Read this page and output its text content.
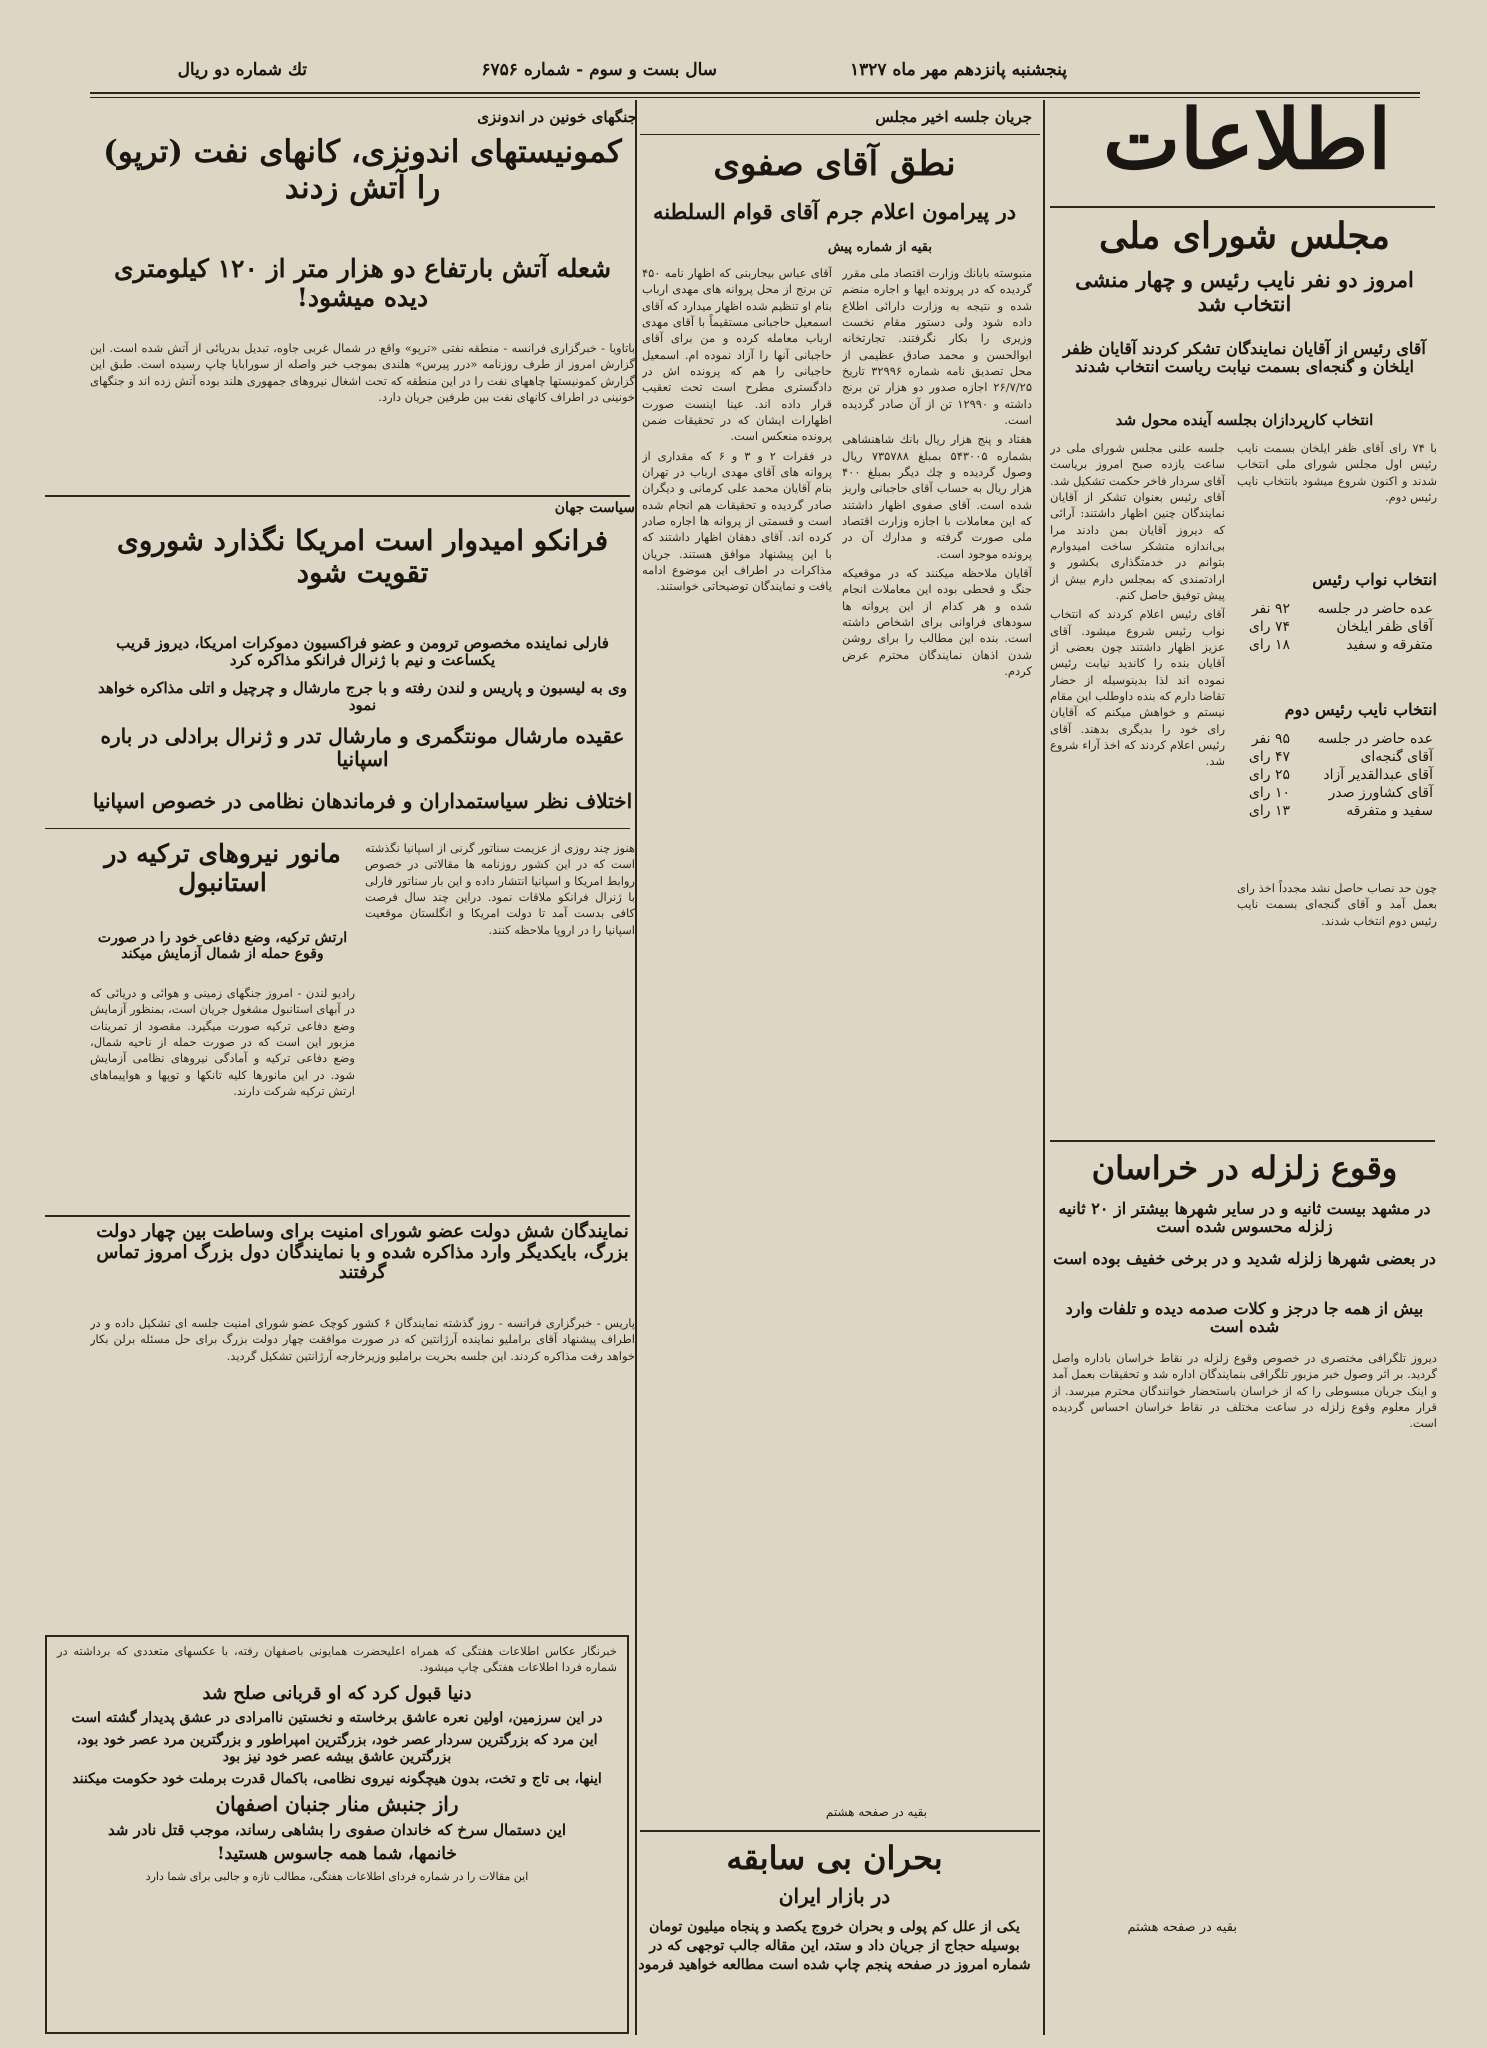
سال بست و سوم - شماره ۶۷۵۶	پنجشنبه پانزدهم مهر ماه ۱۳۲۷
تك شماره دو ريال
اطلاعات
مجلس شورای ملی
امروز دو نفر نایب رئیس و چهار منشی انتخاب شد
آقای رئیس از آقایان نمایندگان تشکر کردند آقایان ظفر ایلخان و گنجه‌ای بسمت نیابت ریاست انتخاب شدند
انتخاب کارپردازان بجلسه آینده محول شد

جلسه علنی مجلس شورای ملی در ساعت یازده صبح امروز بریاست آقای سردار فاخر حکمت تشکیل شد. آقای رئیس بعنوان تشکر از آقایان نمایندگان چنین اظهار داشتند: آرائی که دیروز آقایان بمن دادند مرا بی‌اندازه متشکر ساخت امیدوارم بتوانم در خدمتگذاری بکشور و ارادتمندی که بمجلس دارم بیش از پیش توفیق حاصل کنم.

آقای رئیس اعلام کردند که انتخاب نواب رئیس شروع میشود. آقای عزیز اظهار داشتند چون بعضی از آقایان بنده را کاندید نیابت رئیس نموده اند لذا بدینوسیله از حضار تقاضا دارم که بنده داوطلب این مقام نیستم و خواهش میکنم که آقایان رای خود را بدیگری بدهند. آقای رئیس اعلام کردند که اخذ آراء شروع شد.

با ۷۴ رای آقای ظفر ایلخان بسمت نایب رئیس اول مجلس شورای ملی انتخاب شدند و اکنون شروع میشود بانتخاب نایب رئیس دوم.

انتخاب نواب رئیس
عده حاضر در جلسه	۹۲ نفر
آقای ظفر ایلخان	۷۴ رای
متفرقه و سفید	۱۸ رای
انتخاب نایب رئیس دوم
عده حاضر در جلسه	۹۵ نفر
آقای گنجه‌ای	۴۷ رای
آقای عبدالقدیر آزاد	۲۵ رای
آقای کشاورز صدر	۱۰ رای
سفید و متفرقه	۱۳ رای

چون حد نصاب حاصل نشد مجدداً اخذ رای بعمل آمد و آقای گنجه‌ای بسمت نایب رئیس دوم انتخاب شدند.

وقوع زلزله در خراسان
در مشهد بیست ثانیه و در سایر شهرها بیشتر از ۲۰ ثانیه زلزله محسوس شده است
در بعضی شهرها زلزله شدید و در برخی خفیف بوده است
بیش از همه جا درجز و کلات صدمه دیده و تلفات وارد شده است

دیروز تلگرافی مختصری در خصوص وقوع زلزله در نقاط خراسان باداره واصل گردید. بر اثر وصول خبر مزبور تلگرافی بنمایندگان اداره شد و تحقیقات بعمل آمد و اینک جریان مبسوطی را که از خراسان باستحضار خوانندگان محترم میرسد. از قرار معلوم وقوع زلزله در ساعت مختلف در نقاط خراسان احساس گردیده است.

بقیه در صفحه هشتم
جریان جلسه اخیر مجلس
نطق آقای صفوی
در پیرامون اعلام جرم آقای قوام السلطنه
بقیه از شماره پیش

آقای عباس بیجاربنی که اظهار نامه ۴۵۰ تن برنج از محل پروانه های مهدی ارباب بنام او تنظیم شده اظهار میدارد که آقای اسمعیل حاجبانی مستقیماً با آقای مهدی ارباب معامله کرده و من برای آقای حاجبانی آنها را آزاد نموده ام. اسمعیل حاجبانی را هم که پرونده اش در دادگستری مطرح است تحت تعقیب قرار داده اند. عینا اینست صورت اظهارات ایشان که در تحقیقات ضمن پرونده منعکس است.

در فقرات ۲ و ۳ و ۶ که مقداری از پروانه های آقای مهدی ارباب در تهران بنام آقایان محمد علی کرمانی و دیگران صادر گردیده و تحقیقات هم انجام شده است و قسمتی از پروانه ها اجاره صادر کرده اند. آقای دهقان اظهار داشتند که با این پیشنهاد موافق هستند. جریان مذاکرات در اطراف این موضوع ادامه یافت و نمایندگان توضیحاتی خواستند.

منبوسته بابانك وزارت اقتصاد ملی مقرر گردیده که در پرونده ایها و اجاره منضم شده و نتیجه به وزارت دارائی اطلاع داده شود ولی دستور مقام نخست وزیری را بکار نگرفتند. تجارتخانه ابوالحسن و محمد صادق عظیمی از محل تصدیق نامه شماره ۳۲۹۹۶ تاریخ ۲۶/۷/۲۵ اجازه صدور دو هزار تن برنج داشته و ۱۲۹۹۰ تن از آن صادر گردیده است.

هفتاد و پنج هزار ریال بانك شاهنشاهی بشماره ۵۴۳۰۰۵ بمبلغ ۷۳۵۷۸۸ ریال وصول گردیده و چك دیگر بمبلغ ۴۰۰ هزار ریال به حساب آقای حاجبانی واریز شده است. آقای صفوی اظهار داشتند که این معاملات با اجازه وزارت اقتصاد ملی صورت گرفته و مدارك آن در پرونده موجود است.

آقایان ملاحظه میکنند که در موقعیکه جنگ و قحطی بوده این معاملات انجام شده و هر کدام از این پروانه ها سودهای فراوانی برای اشخاص داشته است. بنده این مطالب را برای روشن شدن اذهان نمایندگان محترم عرض کردم.

بقیه در صفحه هشتم
بحران بی سابقه
در بازار ایران
یکی از علل کم پولی و بحران خروج یکصد و پنجاه میلیون تومان بوسیله حجاج از جریان داد و ستد، این مقاله جالب توجهی که در شماره امروز در صفحه پنجم چاپ شده است مطالعه خواهید فرمود
جنگهای خونین در اندونزی
کمونیستهای اندونزی، کانهای نفت (ترپو) را آتش زدند
شعله آتش بارتفاع دو هزار متر از ۱۲۰ کیلومتری دیده میشود!

باتاویا - خبرگزاری فرانسه - منطقه نفتی «ترپو» واقع در شمال غربی جاوه، تبدیل بدریائی از آتش شده است. این گزارش امروز از طرف روزنامه «درر پیرس» هلندی بموجب خبر واصله از سورابایا چاپ رسیده است. طبق این گزارش کمونیستها چاههای نفت را در این منطقه که تحت اشغال نیروهای جمهوری هلند بوده آتش زده اند و جنگهای خونینی در اطراف کانهای نفت بین طرفین جریان دارد.

سیاست جهان
فرانکو امیدوار است امریکا نگذارد شوروی تقویت شود
فارلی نماینده مخصوص ترومن و عضو فراکسیون دموکرات امریکا، دیروز قریب یکساعت و نیم با ژنرال فرانکو مذاکره کرد
وی به لیسبون و پاریس و لندن رفته و با جرج مارشال و چرچیل و اتلی مذاکره خواهد نمود
عقیده مارشال مونتگمری و مارشال تدر و ژنرال برادلی در باره اسپانیا
اختلاف نظر سیاستمداران و فرماندهان نظامی در خصوص اسپانیا
مانور نیروهای ترکیه در استانبول
ارتش ترکیه، وضع دفاعی خود را در صورت وقوع حمله از شمال آزمایش میکند

رادیو لندن - امروز جنگهای زمینی و هوائی و دریائی که در آبهای استانبول مشغول جریان است، بمنظور آزمایش وضع دفاعی ترکیه صورت میگیرد. مقصود از تمرینات مزبور این است که در صورت حمله از ناحیه شمال، وضع دفاعی ترکیه و آمادگی نیروهای نظامی آزمایش شود. در این مانورها کلیه تانکها و توپها و هواپیماهای ارتش ترکیه شرکت دارند.

هنوز چند روزی از عزیمت سناتور گرنی از اسپانیا نگذشته است که در این کشور روزنامه ها مقالاتی در خصوص روابط امریکا و اسپانیا انتشار داده و این بار سناتور فارلی با ژنرال فرانکو ملاقات نمود. دراین چند سال فرصت کافی بدست آمد تا دولت امریکا و انگلستان موقعیت اسپانیا را در اروپا ملاحظه کنند.

نمایندگان شش دولت عضو شورای امنیت برای وساطت بین چهار دولت بزرگ، بایکدیگر وارد مذاکره شده و با نمایندگان دول بزرگ امروز تماس گرفتند

پاریس - خبرگزاری فرانسه - روز گذشته نمایندگان ۶ کشور کوچک عضو شورای امنیت جلسه ای تشکیل داده و در اطراف پیشنهاد آقای براملیو نماینده آرژانتین که در صورت موافقت چهار دولت بزرگ برای حل مسئله برلن بکار خواهد رفت مذاکره کردند. این جلسه بحریت براملیو وزیرخارجه آرژانتین تشکیل گردید.

خبرنگار عکاس اطلاعات هفتگی که همراه اعلیحضرت همایونی باصفهان رفته، با عکسهای متعددی که برداشته در شماره فردا اطلاعات هفتگی چاپ میشود.
دنیا قبول کرد که او قربانی صلح شد
در این سرزمین، اولین نعره عاشق برخاسته و نخستین ناامرادی در عشق پدیدار گشته است
این مرد که بزرگترین سردار عصر خود، بزرگترین امپراطور و بزرگترین مرد عصر خود بود، بزرگترین عاشق بیشه عصر خود نیز بود
اینها، بی تاج و تخت، بدون هیچگونه نیروی نظامی، باکمال قدرت برملت خود حکومت میکنند
راز جنبش منار جنبان اصفهان
این دستمال سرخ که خاندان صفوی را بشاهی رساند، موجب قتل نادر شد
خانمها، شما همه جاسوس هستید!
این مقالات را در شماره فردای اطلاعات هفتگی، مطالب تازه و جالبی برای شما دارد
